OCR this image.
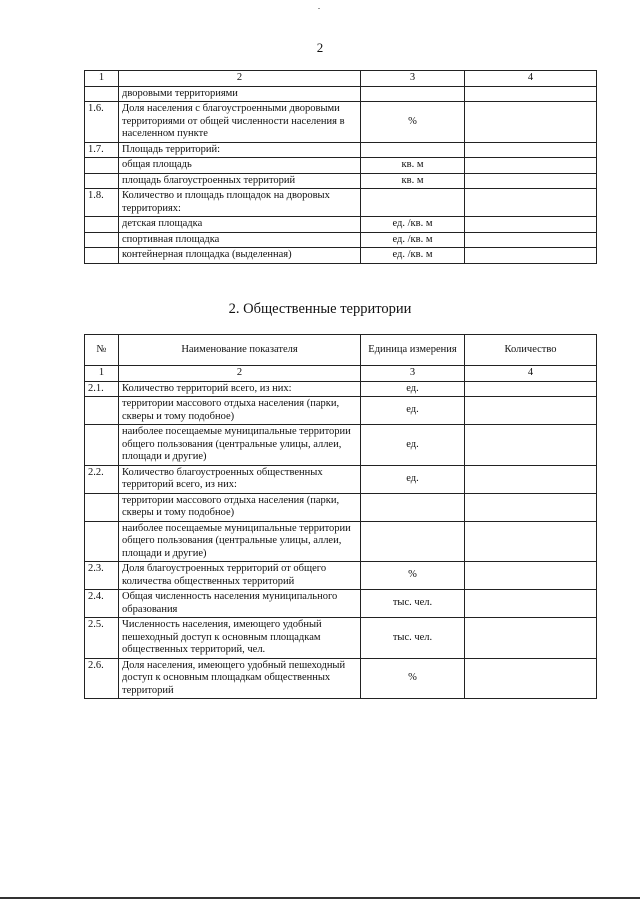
2
1	2	3	4
	дворовыми территориями		
1.6.	Доля населения с благоустроенными дворовыми территориями от общей численности населения в населенном пункте	%	
1.7.	Площадь территорий:		
	общая площадь	кв. м	
	площадь благоустроенных территорий	кв. м	
1.8.	Количество и площадь площадок на дворовых территориях:		
	детская площадка	ед. /кв. м	
	спортивная площадка	ед. /кв. м	
	контейнерная площадка (выделенная)	ед. /кв. м	
2. Общественные территории
№	Наименование показателя	Единица измерения	Количество
1	2	3	4
2.1.	Количество территорий всего, из них:	ед.	
	территории массового отдыха населения (парки, скверы и тому подобное)	ед.	
	наиболее посещаемые муниципальные территории общего пользования (центральные улицы, аллеи, площади и другие)	ед.	
2.2.	Количество благоустроенных общественных территорий всего, из них:	ед.	
	территории массового отдыха населения (парки, скверы и тому подобное)		
	наиболее посещаемые муниципальные территории общего пользования (центральные улицы, аллеи, площади и другие)		
2.3.	Доля благоустроенных территорий от общего количества общественных территорий	%	
2.4.	Общая численность населения муниципального образования	тыс. чел.	
2.5.	Численность населения, имеющего удобный пешеходный доступ к основным площадкам общественных территорий, чел.	тыс. чел.	
2.6.	Доля населения, имеющего удобный пешеходный доступ к основным площадкам общественных территорий	%	
